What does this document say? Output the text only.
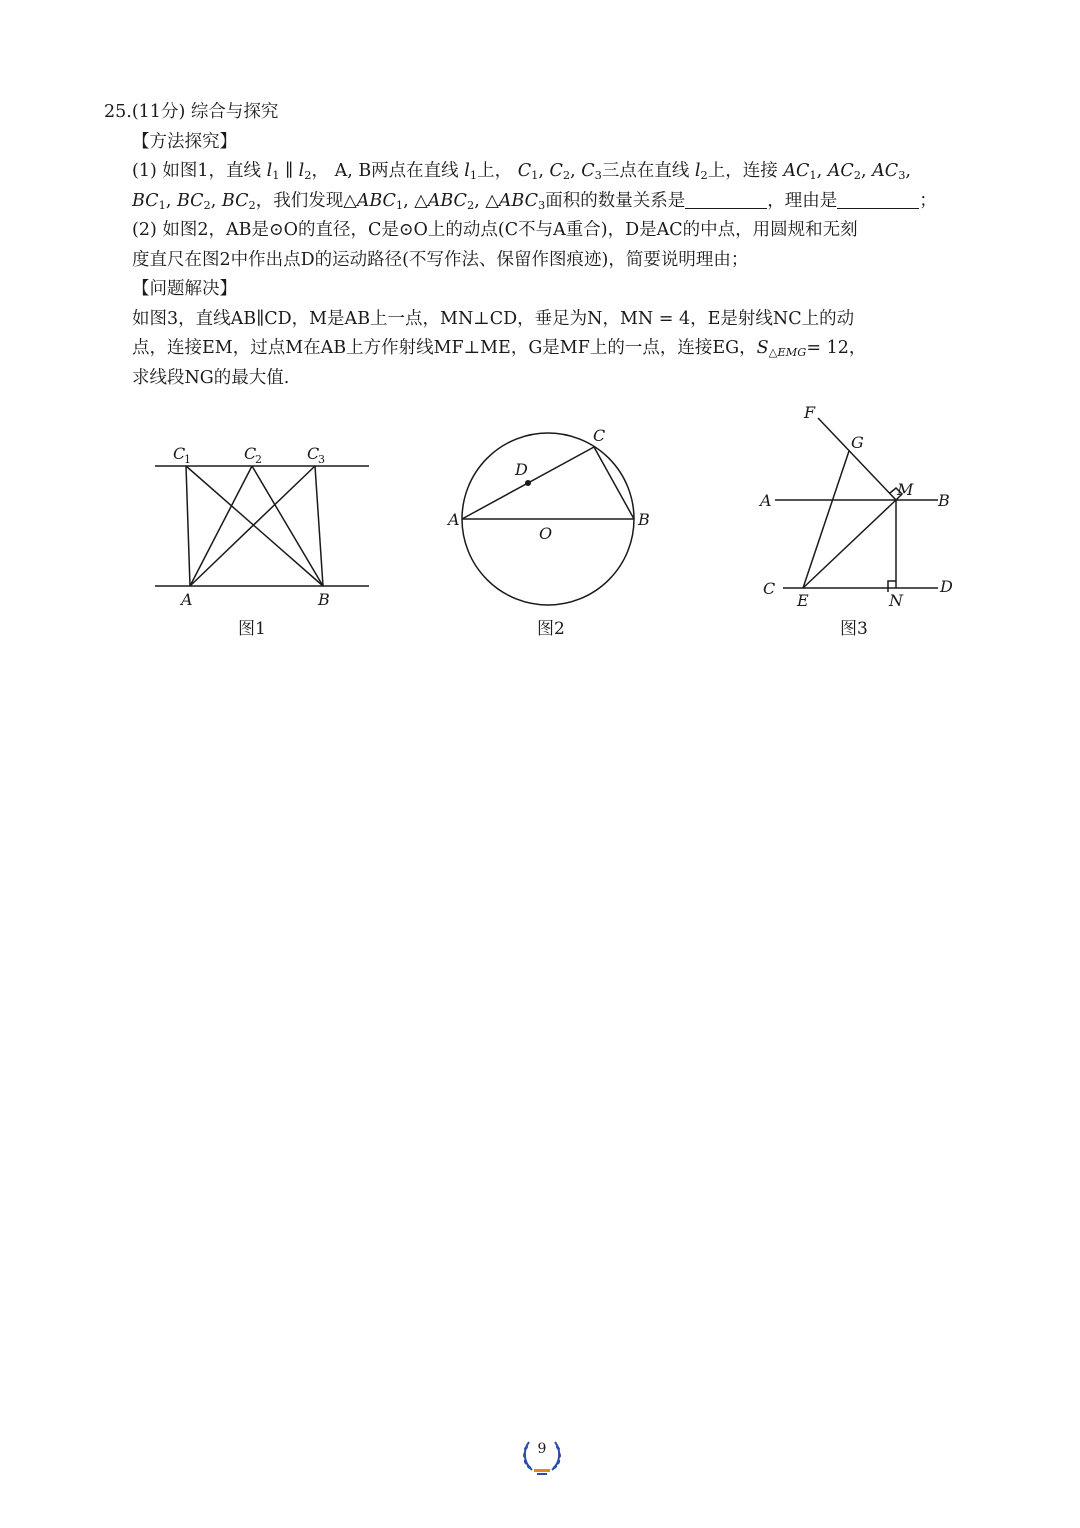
25.(11分) 综合与探究
【方法探究】
(1) 如图1，直线 $l_1$ ∥ $l_2$， A, B两点在直线 $l_1$上， $C_1$, $C_2$, $C_3$三点在直线 $l_2$上，连接 $AC_1$, $AC_2$, $AC_3$,
$BC_1$, $BC_2$, $BC_2$，我们发现$\triangle ABC_1$, $\triangle ABC_2$, $\triangle ABC_3$面积的数量关系是	，理由是	；
(2) 如图2，AB是⊙O的直径，C是⊙O上的动点(C不与A重合)，D是AC的中点，用圆规和无刻
度直尺在图2中作出点D的运动路径(不写作法、保留作图痕迹)，简要说明理由；
【问题解决】
如图3，直线AB∥CD，M是AB上一点，MN⊥CD，垂足为N，MN = 4，E是射线NC上的动
点，连接EM，过点M在AB上方作射线MF⊥ME，G是MF上的一点，连接EG，$S_{\triangle EMG}= 12$，
求线段NG的最大值.
C
1	C
2	C
3
A	B
图1
A	B
C
D
O
图2
F
G
M
A	B
C	D
E	N
图3
9
